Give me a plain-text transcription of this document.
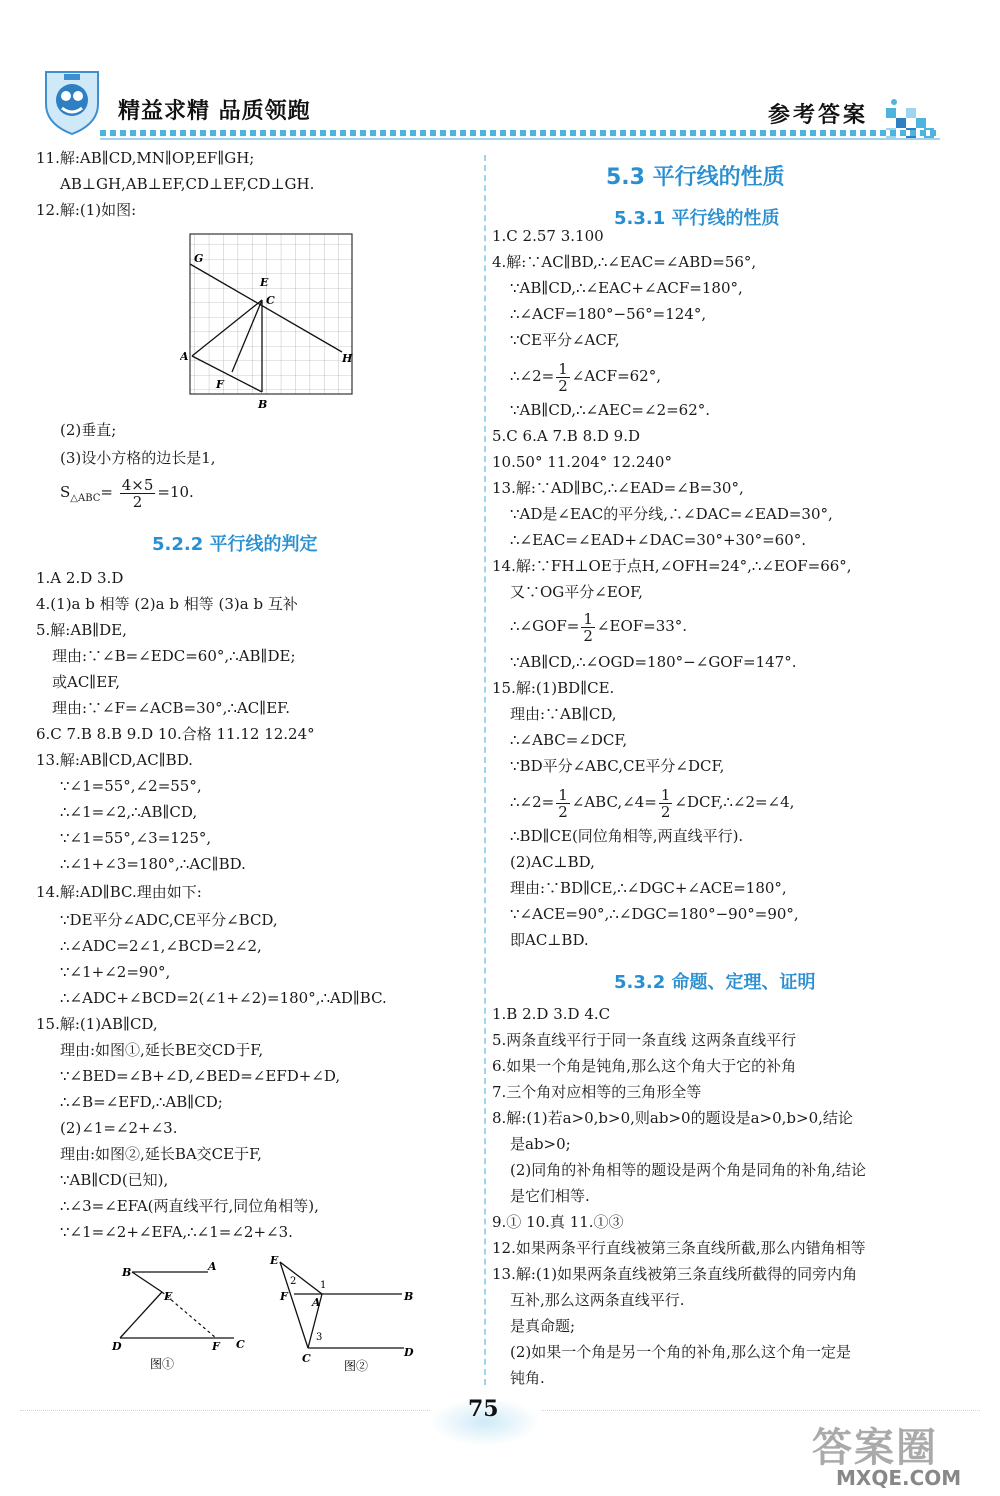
精益求精 品质领跑	参考答案
11.解:AB∥CD,MN∥OP,EF∥GH;
AB⊥GH,AB⊥EF,CD⊥EF,CD⊥GH.
12.解:(1)如图:
G
E
C
A
F
B
H
(2)垂直;
(3)设小方格的边长是1,
$S_{\triangle ABC}= \frac{4\times 5}{2} =10$.
5.2.2 平行线的判定
1.A 2.D 3.D
4.(1)a b 相等 (2)a b 相等 (3)a b 互补
5.解:AB∥DE,
理由:∵∠B=∠EDC=60°,∴AB∥DE;
或AC∥EF,
理由:∵∠F=∠ACB=30°,∴AC∥EF.
6.C 7.B 8.B 9.D 10.合格 11.12 12.24°
13.解:AB∥CD,AC∥BD.
∵∠1=55°,∠2=55°,
∴∠1=∠2,∴AB∥CD,
∵∠1=55°,∠3=125°,
∴∠1+∠3=180°,∴AC∥BD.
14.解:AD∥BC.理由如下:
∵DE平分∠ADC,CE平分∠BCD,
∴∠ADC=2∠1,∠BCD=2∠2,
∵∠1+∠2=90°,
∴∠ADC+∠BCD=2(∠1+∠2)=180°,∴AD∥BC.
15.解:(1)AB∥CD,
理由:如图①,延长BE交CD于F,
∵∠BED=∠B+∠D,∠BED=∠EFD+∠D,
∴∠B=∠EFD,∴AB∥CD;
(2)∠1=∠2+∠3.
理由:如图②,延长BA交CE于F,
∵AB∥CD(已知),
∴∠3=∠EFA(两直线平行,同位角相等),
∵∠1=∠2+∠EFA,∴∠1=∠2+∠3.
B	A
E
D	F C
图①
E
2 1
F A	B
3
C	D
图②
5.3 平行线的性质
5.3.1 平行线的性质
1.C 2.57 3.100
4.解:∵AC∥BD,∴∠EAC=∠ABD=56°,
∵AB∥CD,∴∠EAC+∠ACF=180°,
∴∠ACF=180°−56°=124°,
∵CE平分∠ACF,
∴∠2= $\frac{1}{2}$ ∠ACF=62°,
∵AB∥CD,∴∠AEC=∠2=62°.
5.C 6.A 7.B 8.D 9.D
10.50° 11.204° 12.240°
13.解:∵AD∥BC,∴∠EAD=∠B=30°,
∵AD是∠EAC的平分线,∴∠DAC=∠EAD=30°,
∴∠EAC=∠EAD+∠DAC=30°+30°=60°.
14.解:∵FH⊥OE于点H,∠OFH=24°,∴∠EOF=66°,
又∵OG平分∠EOF,
∴∠GOF= $\frac{1}{2}$ ∠EOF=33°.
∵AB∥CD,∴∠OGD=180°−∠GOF=147°.
15.解:(1)BD∥CE.
理由:∵AB∥CD,
∴∠ABC=∠DCF,
∵BD平分∠ABC,CE平分∠DCF,
∴∠2= $\frac{1}{2}$ ∠ABC,∠4= $\frac{1}{2}$ ∠DCF,∴∠2=∠4,
∴BD∥CE(同位角相等,两直线平行).
(2)AC⊥BD,
理由:∵BD∥CE,∴∠DGC+∠ACE=180°,
∵∠ACE=90°,∴∠DGC=180°−90°=90°,
即AC⊥BD.
5.3.2 命题、定理、证明
1.B 2.D 3.D 4.C
5.两条直线平行于同一条直线 这两条直线平行
6.如果一个角是钝角,那么这个角大于它的补角
7.三个角对应相等的三角形全等
8.解:(1)若a>0,b>0,则ab>0的题设是a>0,b>0,结论
是ab>0;
(2)同角的补角相等的题设是两个角是同角的补角,结论
是它们相等.
9.① 10.真 11.①③
12.如果两条平行直线被第三条直线所截,那么内错角相等
13.解:(1)如果两条直线被第三条直线所截得的同旁内角
互补,那么这两条直线平行.
是真命题;
(2)如果一个角是另一个角的补角,那么这个角一定是
钝角.
75
答案圈
MXQE.COM
